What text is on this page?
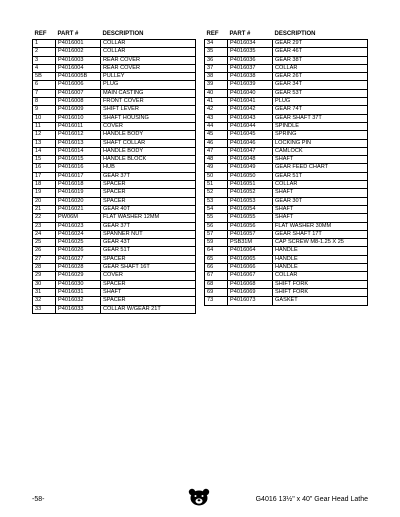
REF	PART #	DESCRIPTION
1	P4016001	COLLAR
2	P4016002	COLLAR
3	P4016003	REAR COVER
4	P4016004	REAR COVER
5B	P4016005B	PULLEY
6	P4016006	PLUG
7	P4016007	MAIN CASTING
8	P4016008	FRONT COVER
9	P4016009	SHIFT LEVER
10	P4016010	SHAFT HOUSING
11	P4016011	COVER
12	P4016012	HANDLE BODY
13	P4016013	SHAFT COLLAR
14	P4016014	HANDLE BODY
15	P4016015	HANDLE BLOCK
16	P4016016	HUB
17	P4016017	GEAR 37T
18	P4016018	SPACER
19	P4016019	SPACER
20	P4016020	SPACER
21	P4016021	GEAR 40T
22	PW06M	FLAT WASHER 12MM
23	P4016023	GEAR 37T
24	P4016024	SPANNER NUT
25	P4016025	GEAR 43T
26	P4016026	GEAR 51T
27	P4016027	SPACER
28	P4016028	GEAR SHAFT 16T
29	P4016029	COVER
30	P4016030	SPACER
31	P4016031	SHAFT
32	P4016032	SPACER
33	P4016033	COLLAR W/GEAR 21T
REF	PART #	DESCRIPTION
34	P4016034	GEAR 29T
35	P4016035	GEAR 46T
36	P4016036	GEAR 38T
37	P4016037	COLLAR
38	P4016038	GEAR 26T
39	P4016039	GEAR 34T
40	P4016040	GEAR 53T
41	P4016041	PLUG
42	P4016042	GEAR 74T
43	P4016043	GEAR SHAFT 37T
44	P4016044	SPINDLE
45	P4016045	SPRING
46	P4016046	LOCKING PIN
47	P4016047	CAMLOCK
48	P4016048	SHAFT
49	P4016049	GEAR FEED CHART
50	P4016050	GEAR 51T
51	P4016051	COLLAR
52	P4016052	SHAFT
53	P4016053	GEAR 30T
54	P4016054	SHAFT
55	P4016055	SHAFT
56	P4016056	FLAT WASHER 30MM
57	P4016057	GEAR SHAFT 17T
59	PSB31M	CAP SCREW M8-1.25 X 25
64	P4016064	HANDLE
65	P4016065	HANDLE
66	P4016066	HANDLE
67	P4016067	COLLAR
68	P4016068	SHIFT FORK
69	P4016069	SHIFT FORK
73	P4016073	GASKET
-58-	G4016 13½" x 40" Gear Head Lathe
